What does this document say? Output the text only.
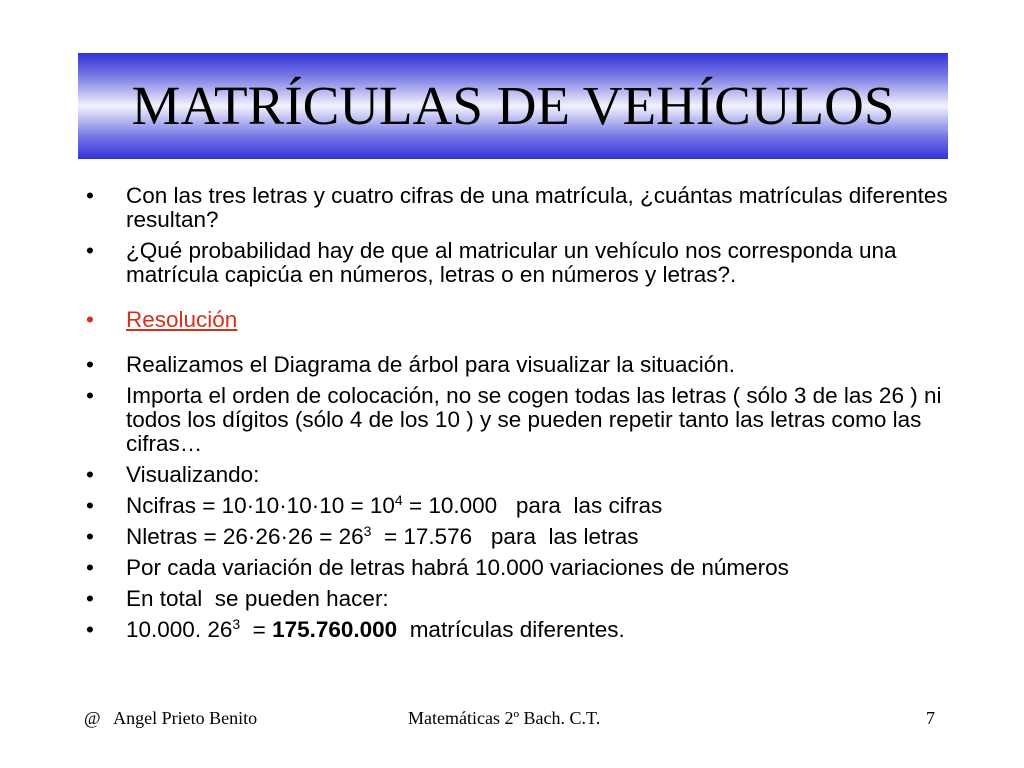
MATRÍCULAS DE VEHÍCULOS
•
Con las tres letras y cuatro cifras de una matrícula, ¿cuántas matrículas diferentes resultan?
•
¿Qué probabilidad hay de que al matricular un vehículo nos corresponda una matrícula capicúa en números, letras o en números y letras?.
•
Resolución
•
Realizamos el Diagrama de árbol para visualizar la situación.
•
Importa el orden de colocación, no se cogen todas las letras ( sólo 3 de las 26 ) ni todos los dígitos (sólo 4 de los 10 ) y se pueden repetir tanto las letras como las cifras…
•
Visualizando:
•
Ncifras = $10\cdot 10\cdot 10\cdot 10 = 10^4 = 10.000$   para  las cifras
•
Nletras = $26\cdot 26\cdot 26 = 26^3 = 17.576$   para  las letras
•
Por cada variación de letras habrá 10.000 variaciones de números
•
En total  se pueden hacer:
•
10.000. $26^3 = 175.760.000$  matrículas diferentes.
@   Angel Prieto Benito	Matemáticas 2º Bach. C.T.	7
